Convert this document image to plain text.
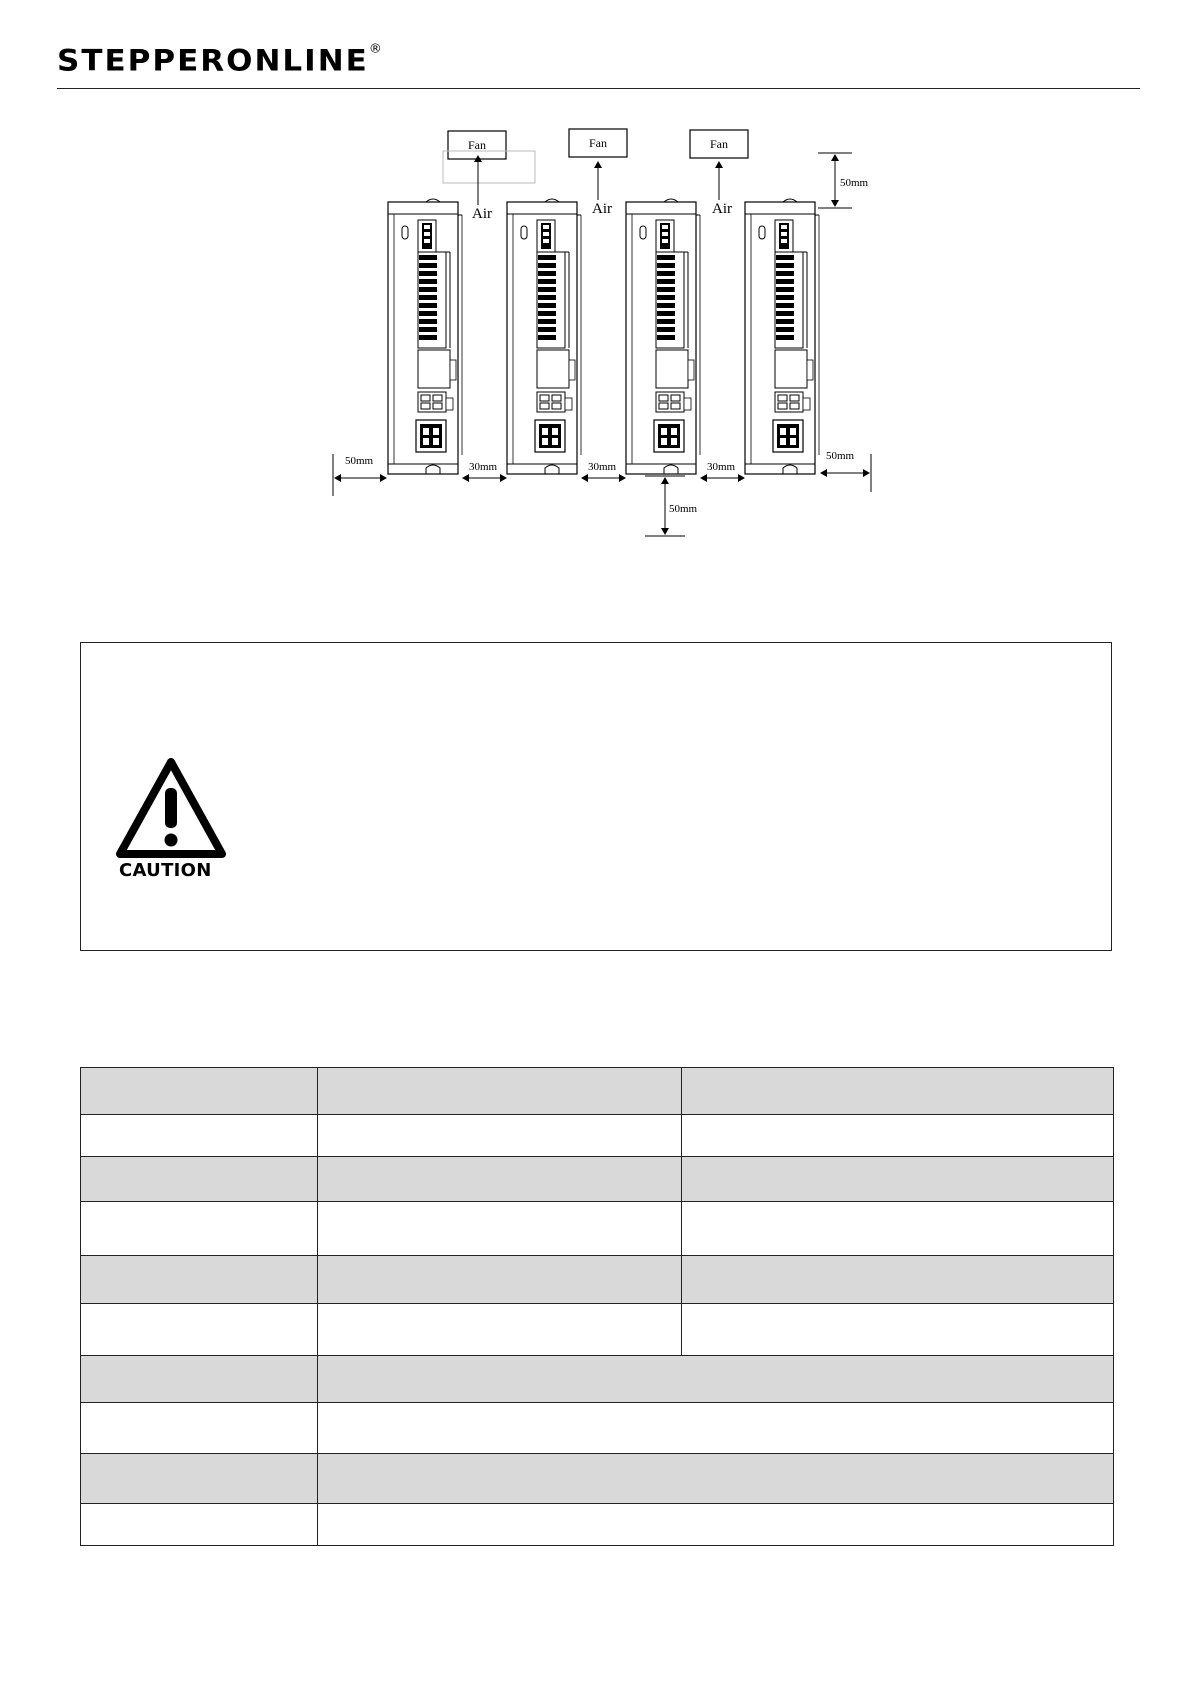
STEPPERONLINE®
Fan	Fan	Fan
Air	Air	Air
50mm
50mm	30mm	30mm	30mm
50mm
50mm
CAUTION
